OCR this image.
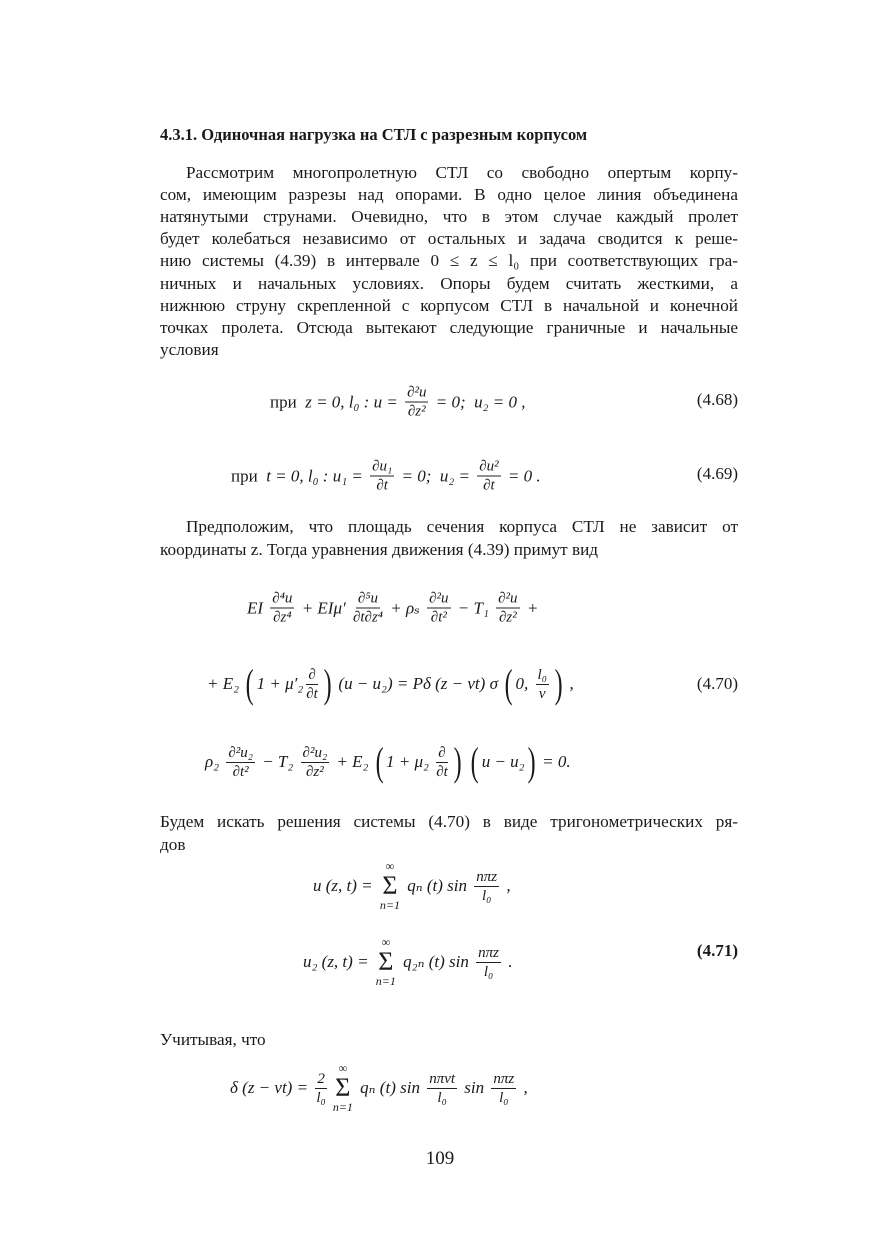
4.3.1. Одиночная нагрузка на СТЛ с разрезным корпусом
Рассмотрим многопролетную СТЛ со свободно опертым корпу-
сом, имеющим разрезы над опорами. В одно целое линия объединена
натянутыми струнами. Очевидно, что в этом случае каждый пролет
будет колебаться независимо от остальных и задача сводится к реше-
нию системы (4.39) в интервале 0 ≤ z ≤ l₀ при соответствующих гра-
ничных и начальных условиях. Опоры будем считать жесткими, а
нижнюю струну скрепленной с корпусом СТЛ в начальной и конечной
точках пролета. Отсюда вытекают следующие граничные и начальные
условия
при z = 0, l₀ : $u = \frac{\text{∂²u}}{\text{∂z²}} = 0$;  u₂ = 0 ,	(4.68)
при t = 0, l₀ : $u_1 = \frac{\text{∂u₁}}{\partial t} = 0$;  $u_2 = \frac{\text{∂u²}}{\partial t} = 0$ .	(4.69)
Предположим, что площадь сечения корпуса СТЛ не зависит от
координаты z. Тогда уравнения движения (4.39) примут вид
EI $\frac{\text{∂⁴u}}{\text{∂z⁴}} + EI\mu' \frac{\text{∂⁵u}}{\text{∂t∂z⁴}} + \rho_s \frac{\text{∂²u}}{\text{∂t²}} - T_1 \frac{\text{∂²u}}{\text{∂z²}}$ +
+ E₂ ( $1 + \mu'_2 \frac{\partial}{\partial t}$ ) (u − u₂) = Pδ (z − vt) σ ( 0, $\frac{\text{l₀}}{v}$ ) ,	(4.70)
$\rho_2 \frac{\text{∂²u₂}}{\text{∂t²}} - T_2 \frac{\text{∂²u₂}}{\text{∂z²}} + E_2$ ( $1 + \mu_2 \frac{\partial}{\partial t}$ )
( u − u₂ ) = 0.
Будем искать решения системы (4.70) в виде тригонометрических ря-
дов
u (z, t) =
∞
Σ
n=1
qₙ (t) $\sin \frac{\text{nπz}}{\text{l₀}}$ ,
u₂ (z, t) =
∞
Σ
n=1
q₂ₙ (t) $\sin \frac{\text{nπz}}{\text{l₀}}$ .
(4.71)
Учитывая, что
δ $(z - vt) = \frac{2}{\text{l₀}}$
∞
Σ
n=1
qₙ (t) $\sin \frac{\text{nπvt}}{\text{l₀}}$ $\sin \frac{\text{nπz}}{\text{l₀}}$ ,
109
